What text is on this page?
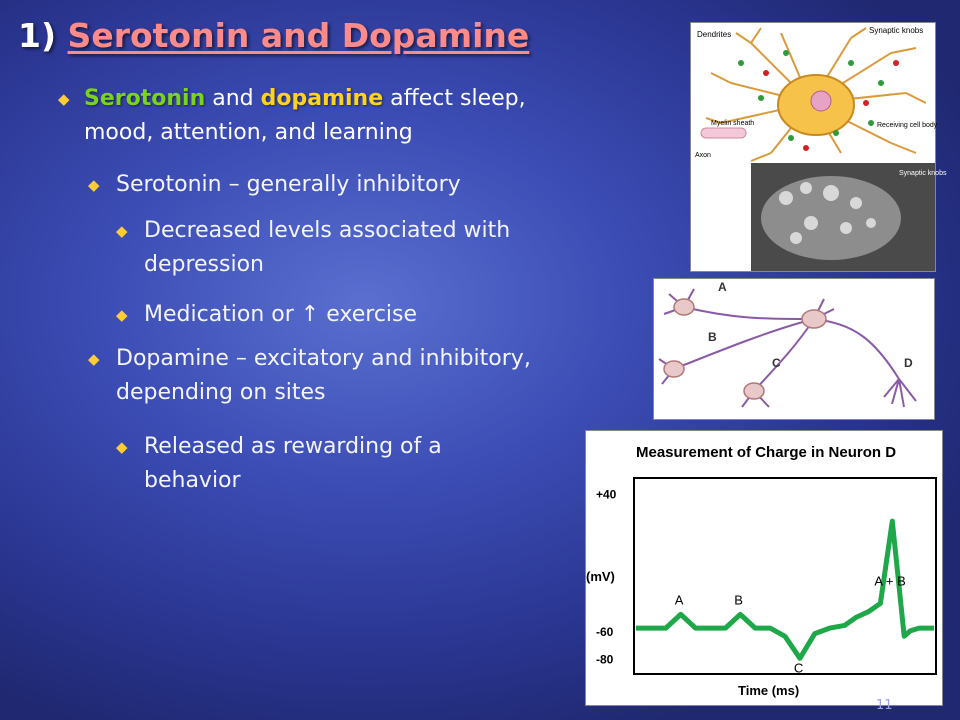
1) Serotonin and Dopamine
◆ Serotonin and dopamine affect sleep, mood, attention, and learning
◆ Serotonin – generally inhibitory
◆ Decreased levels associated with depression
◆ Medication or ↑ exercise
◆ Dopamine – excitatory and inhibitory, depending on sites
◆ Released as rewarding of a behavior
Dendrites	Synaptic knobs
Myelin sheath	Receiving cell body
Axon
Synaptic knobs
A
B
C	D
Measurement of Charge in Neuron D
(mV)
Time (ms)
+40
-60
-80
A	B
C
A + B
11
